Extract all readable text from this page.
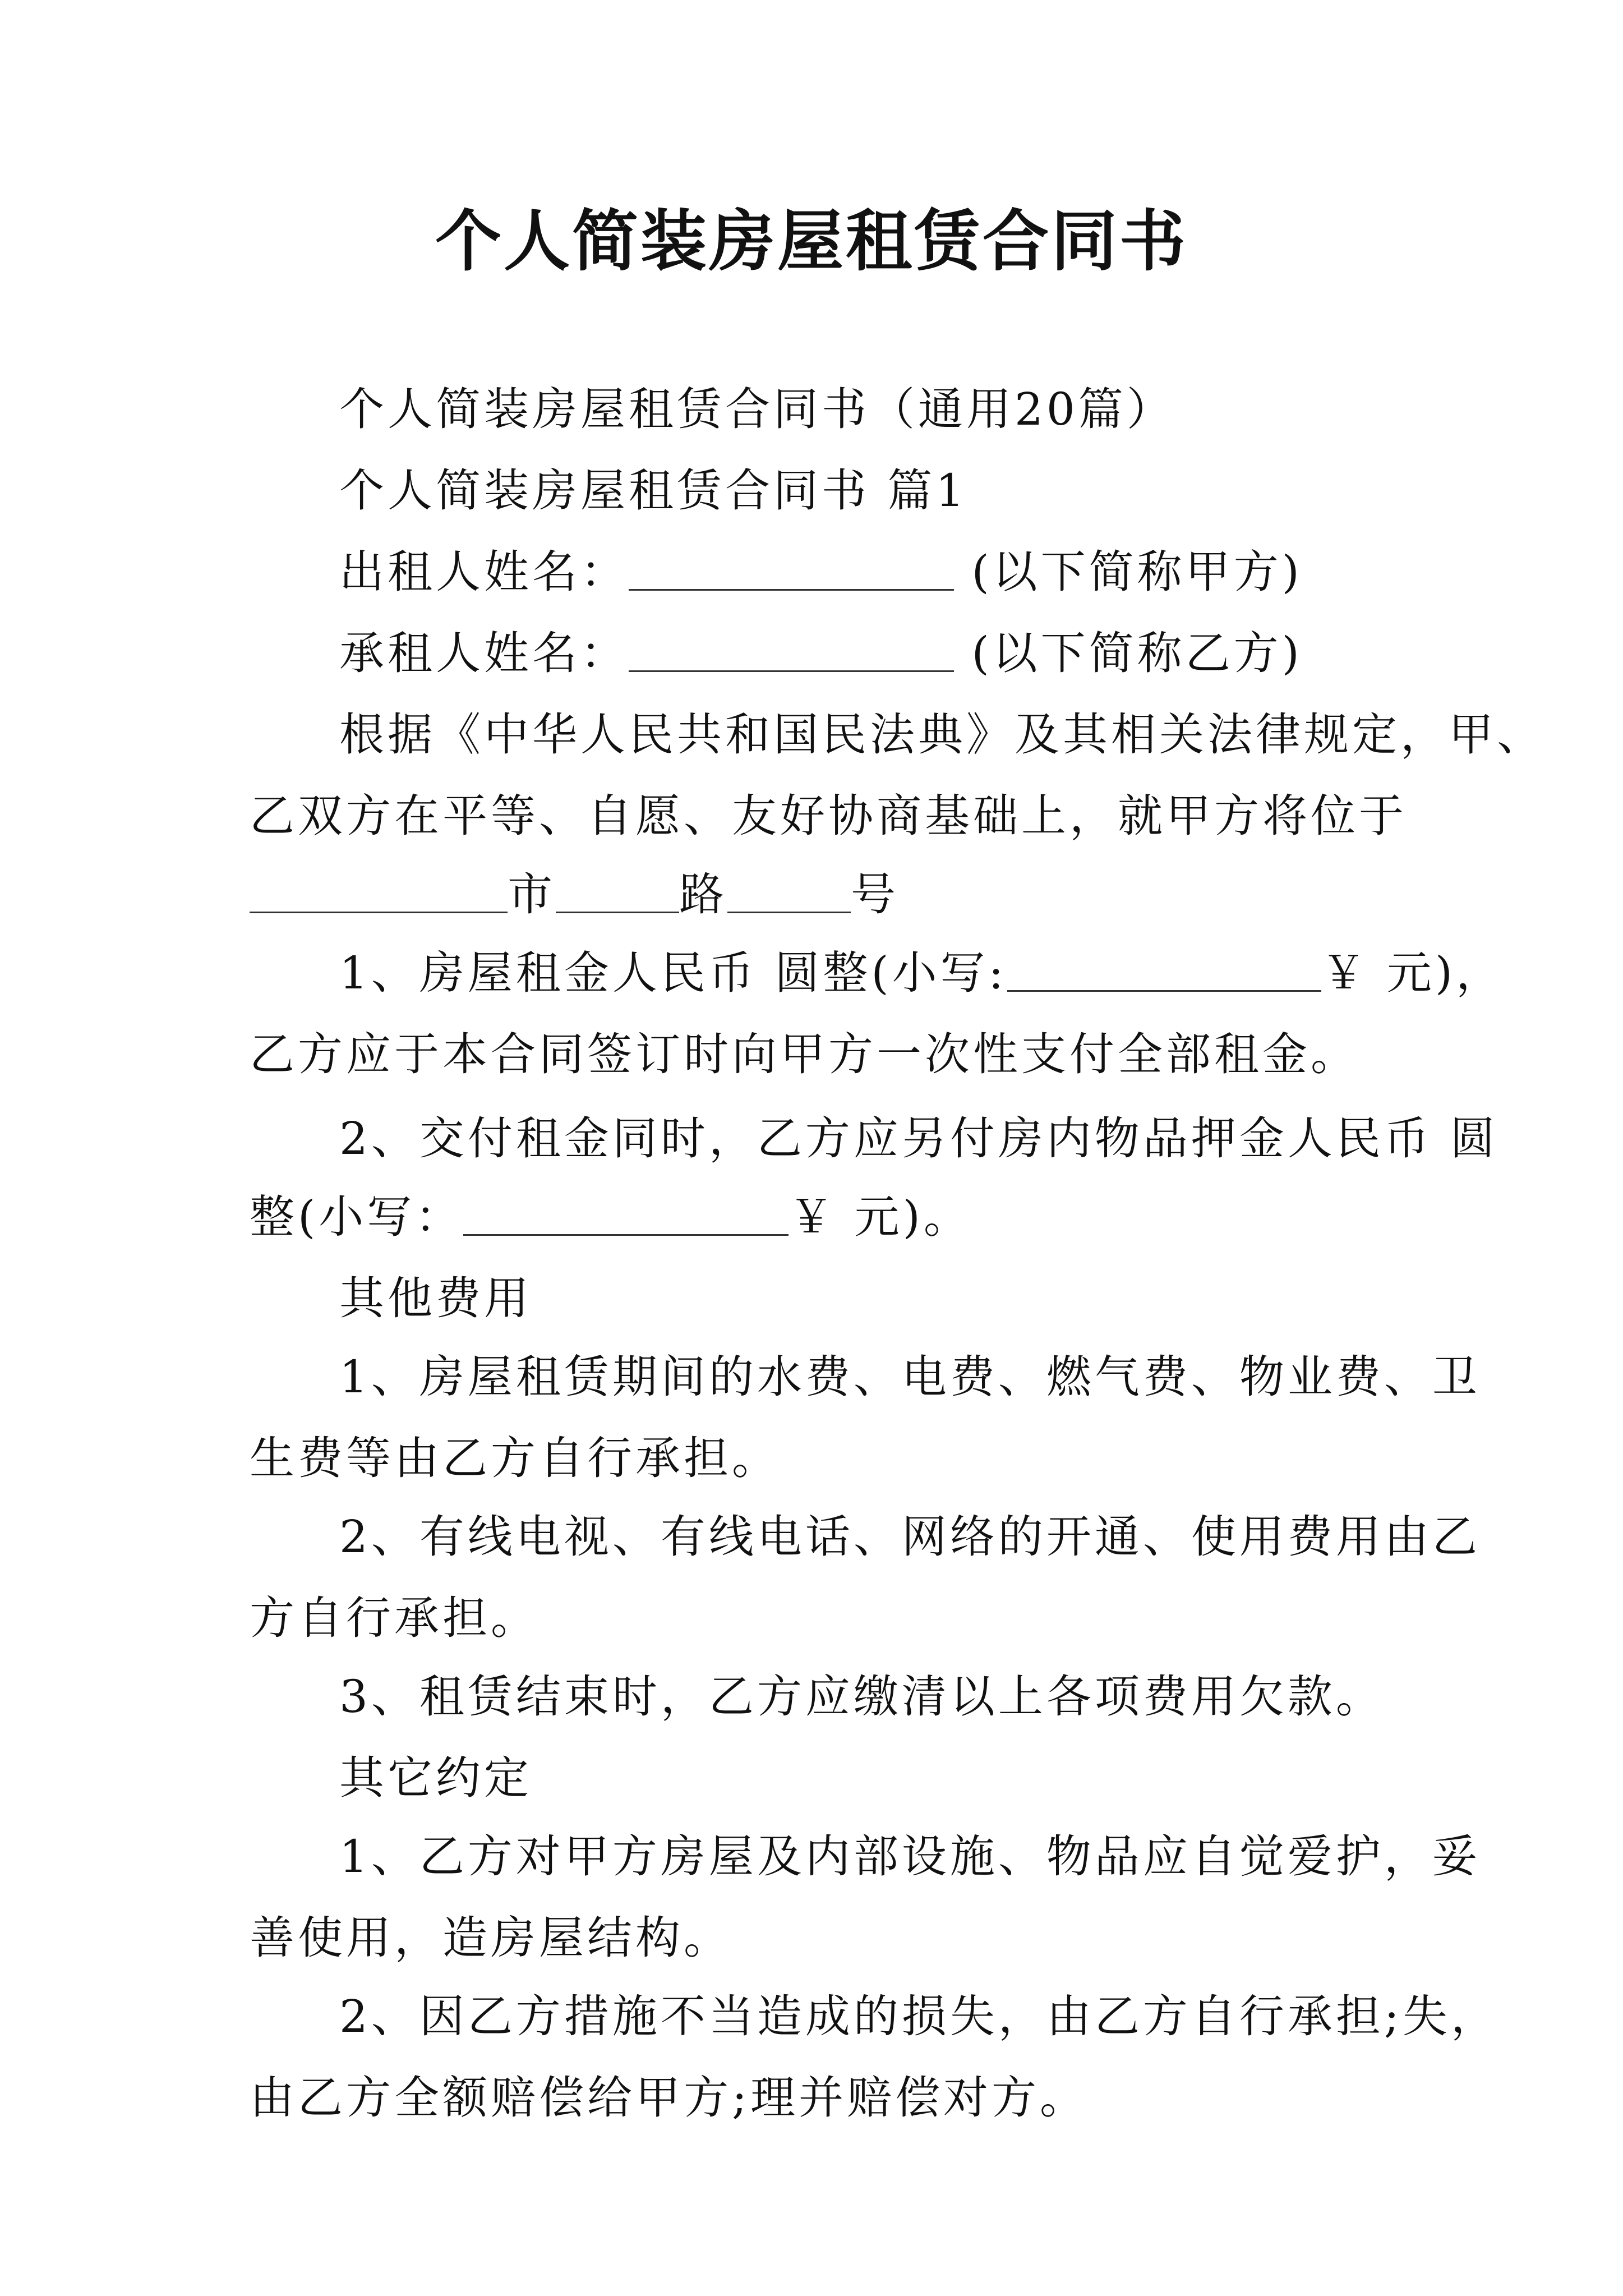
个人简装房屋租赁合同书
个人简装房屋租赁合同书（通用20篇）
个人简装房屋租赁合同书 篇1
出租人姓名：	(以下简称甲方)
承租人姓名：	(以下简称乙方)
根据《中华人民共和国民法典》及其相关法律规定，甲、
乙双方在平等、自愿、友好协商基础上，就甲方将位于
市	路	号
1、房屋租金人民币 圆整(小写:	￥ 元)，
乙方应于本合同签订时向甲方一次性支付全部租金。
2、交付租金同时，乙方应另付房内物品押金人民币 圆
整(小写：	￥ 元)。
其他费用
1、房屋租赁期间的水费、电费、燃气费、物业费、卫
生费等由乙方自行承担。
2、有线电视、有线电话、网络的开通、使用费用由乙
方自行承担。
3、租赁结束时，乙方应缴清以上各项费用欠款。
其它约定
1、乙方对甲方房屋及内部设施、物品应自觉爱护，妥
善使用，造房屋结构。
2、因乙方措施不当造成的损失，由乙方自行承担;失，
由乙方全额赔偿给甲方;理并赔偿对方。
